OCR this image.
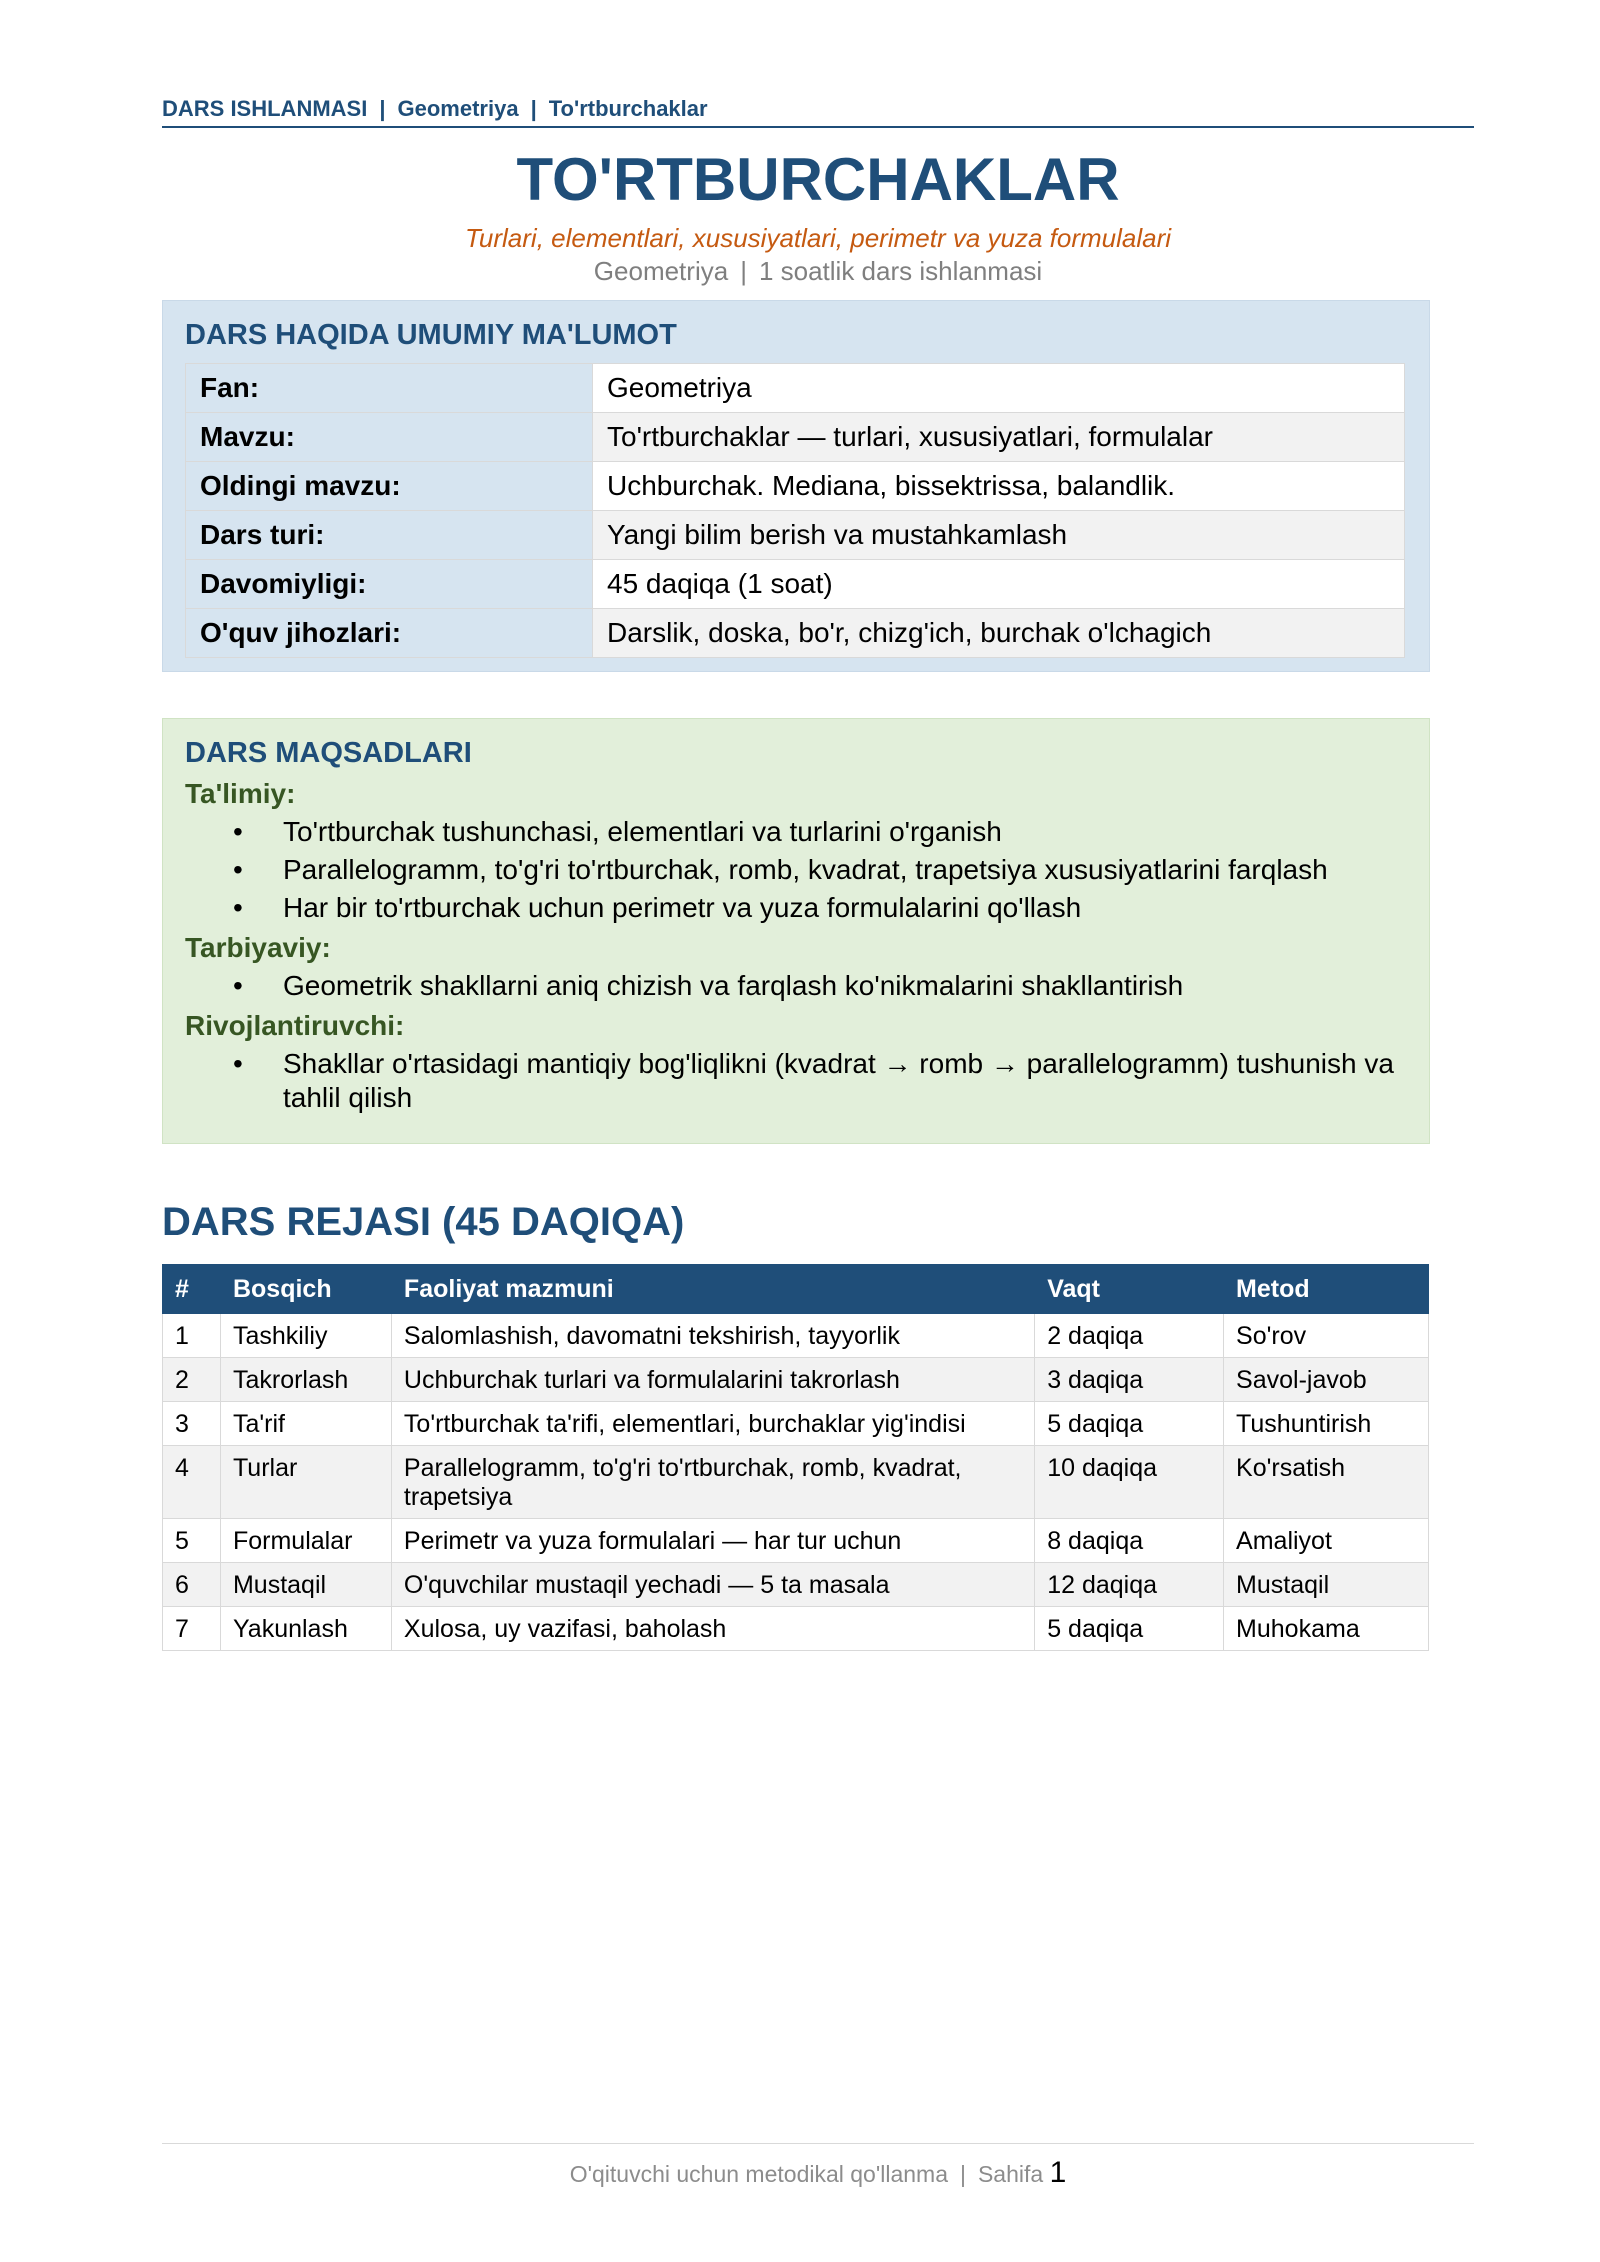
DARS ISHLANMASI | Geometriya | To'rtburchaklar
TO'RTBURCHAKLAR
Turlari, elementlari, xususiyatlari, perimetr va yuza formulalari
Geometriya | 1 soatlik dars ishlanmasi
DARS HAQIDA UMUMIY MA'LUMOT
Fan:	Geometriya
Mavzu:	To'rtburchaklar — turlari, xususiyatlari, formulalar
Oldingi mavzu:	Uchburchak. Mediana, bissektrissa, balandlik.
Dars turi:	Yangi bilim berish va mustahkamlash
Davomiyligi:	45 daqiqa (1 soat)
O'quv jihozlari:	Darslik, doska, bo'r, chizg'ich, burchak o'lchagich
DARS MAQSADLARI
Ta'limiy:
• To'rtburchak tushunchasi, elementlari va turlarini o'rganish
• Parallelogramm, to'g'ri to'rtburchak, romb, kvadrat, trapetsiya xususiyatlarini farqlash
• Har bir to'rtburchak uchun perimetr va yuza formulalarini qo'llash
Tarbiyaviy:
• Geometrik shakllarni aniq chizish va farqlash ko'nikmalarini shakllantirish
Rivojlantiruvchi:
• Shakllar o'rtasidagi mantiqiy bog'liqlikni (kvadrat → romb → parallelogramm) tushunish va tahlil qilish
DARS REJASI (45 DAQIQA)
#	Bosqich	Faoliyat mazmuni	Vaqt	Metod
1	Tashkiliy	Salomlashish, davomatni tekshirish, tayyorlik	2 daqiqa	So'rov
2	Takrorlash	Uchburchak turlari va formulalarini takrorlash	3 daqiqa	Savol-javob
3	Ta'rif	To'rtburchak ta'rifi, elementlari, burchaklar yig'indisi	5 daqiqa	Tushuntirish
4	Turlar	Parallelogramm, to'g'ri to'rtburchak, romb, kvadrat, trapetsiya	10 daqiqa	Ko'rsatish
5	Formulalar	Perimetr va yuza formulalari — har tur uchun	8 daqiqa	Amaliyot
6	Mustaqil	O'quvchilar mustaqil yechadi — 5 ta masala	12 daqiqa	Mustaqil
7	Yakunlash	Xulosa, uy vazifasi, baholash	5 daqiqa	Muhokama
O'qituvchi uchun metodikal qo'llanma | Sahifa 1
